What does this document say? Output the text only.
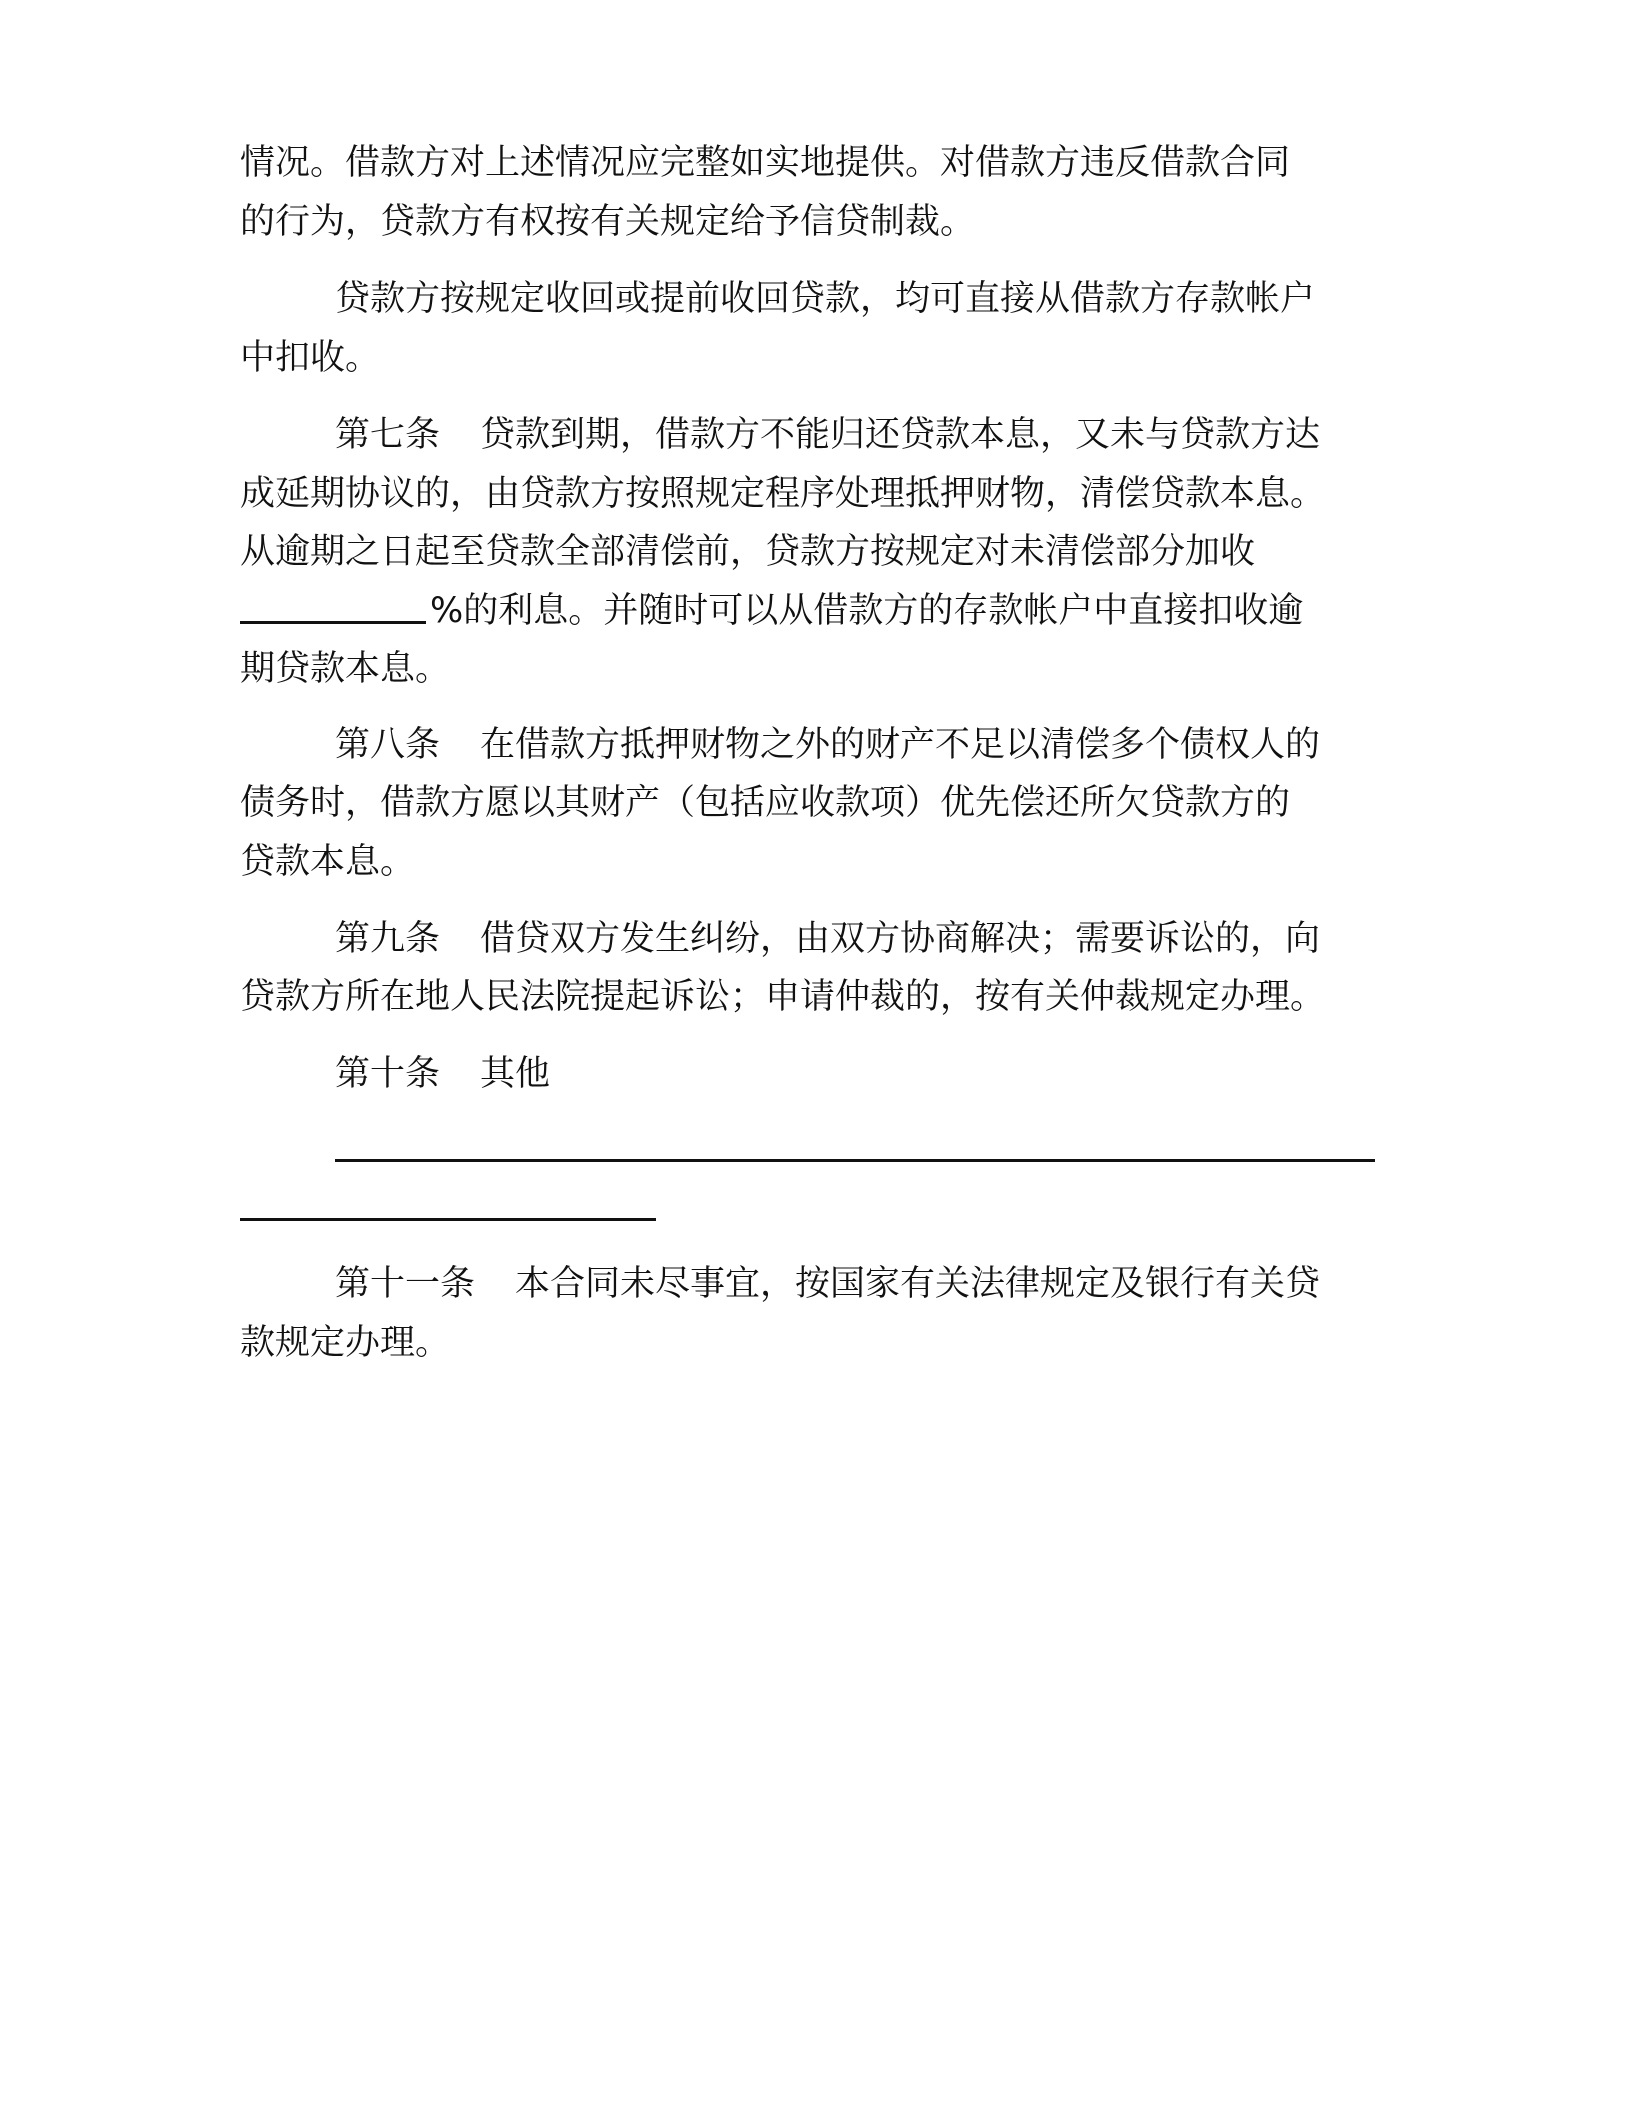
情况。借款方对上述情况应完整如实地提供。对借款方违反借款合同
的行为，贷款方有权按有关规定给予信贷制裁。
贷款方按规定收回或提前收回贷款，均可直接从借款方存款帐户
中扣收。
第七条 贷款到期，借款方不能归还贷款本息，又未与贷款方达
成延期协议的，由贷款方按照规定程序处理抵押财物，清偿贷款本息。
从逾期之日起至贷款全部清偿前，贷款方按规定对未清偿部分加收
%的利息。并随时可以从借款方的存款帐户中直接扣收逾
期贷款本息。
第八条 在借款方抵押财物之外的财产不足以清偿多个债权人的
债务时，借款方愿以其财产（包括应收款项）优先偿还所欠贷款方的
贷款本息。
第九条 借贷双方发生纠纷，由双方协商解决；需要诉讼的，向
贷款方所在地人民法院提起诉讼；申请仲裁的，按有关仲裁规定办理。
第十条 其他
第十一条 本合同未尽事宜，按国家有关法律规定及银行有关贷
款规定办理。
